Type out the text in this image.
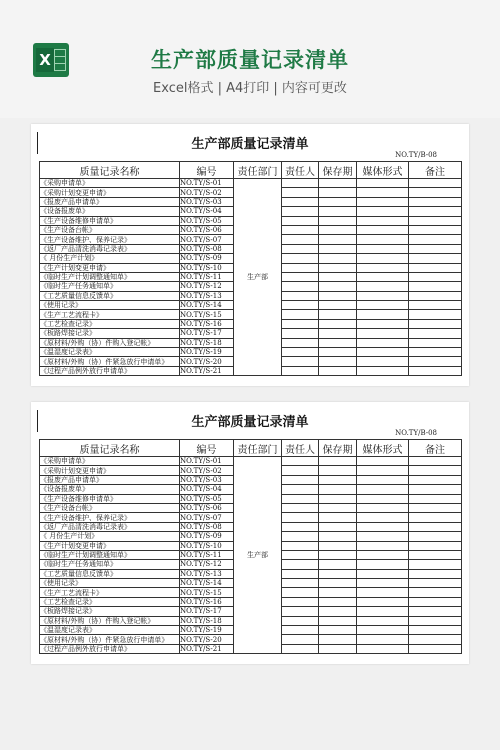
X	生产部质量记录清单
Excel格式 | A4打印 | 内容可更改
生产部质量记录清单
NO.TY/B-08
质量记录名称	编号	责任部门	责任人	保存期	媒体形式	备注
《采购申请单》	NO.TY/S-01	生产部				
《采购计划变更申请》	NO.TY/S-02					
《报废产品申请单》	NO.TY/S-03					
《设备报废单》	NO.TY/S-04					
《生产设备维修申请单》	NO.TY/S-05					
《生产设备台帐》	NO.TY/S-06					
《生产设备维护、保养记录》	NO.TY/S-07					
《返厂产品清洗消毒记录表》	NO.TY/S-08					
《 月份生产计划》	NO.TY/S-09					
《生产计划变更申请》	NO.TY/S-10					
《临时生产计划调整通知单》	NO.TY/S-11					
《临时生产任务通知单》	NO.TY/S-12					
《工艺质量信息反馈单》	NO.TY/S-13					
《使用记录》	NO.TY/S-14					
《生产工艺流程卡》	NO.TY/S-15					
《工艺检查记录》	NO.TY/S-16					
《板路焊接记录》	NO.TY/S-17					
《原材料/外购（协）件购入登记帐》	NO.TY/S-18					
《温湿度记录表》	NO.TY/S-19					
《原材料/外购（协）件紧急放行申请单》	NO.TY/S-20					
《过程产品例外放行申请单》	NO.TY/S-21					
生产部质量记录清单
NO.TY/B-08
质量记录名称	编号	责任部门	责任人	保存期	媒体形式	备注
《采购申请单》	NO.TY/S-01	生产部				
《采购计划变更申请》	NO.TY/S-02					
《报废产品申请单》	NO.TY/S-03					
《设备报废单》	NO.TY/S-04					
《生产设备维修申请单》	NO.TY/S-05					
《生产设备台帐》	NO.TY/S-06					
《生产设备维护、保养记录》	NO.TY/S-07					
《返厂产品清洗消毒记录表》	NO.TY/S-08					
《 月份生产计划》	NO.TY/S-09					
《生产计划变更申请》	NO.TY/S-10					
《临时生产计划调整通知单》	NO.TY/S-11					
《临时生产任务通知单》	NO.TY/S-12					
《工艺质量信息反馈单》	NO.TY/S-13					
《使用记录》	NO.TY/S-14					
《生产工艺流程卡》	NO.TY/S-15					
《工艺检查记录》	NO.TY/S-16					
《板路焊接记录》	NO.TY/S-17					
《原材料/外购（协）件购入登记帐》	NO.TY/S-18					
《温湿度记录表》	NO.TY/S-19					
《原材料/外购（协）件紧急放行申请单》	NO.TY/S-20					
《过程产品例外放行申请单》	NO.TY/S-21					
